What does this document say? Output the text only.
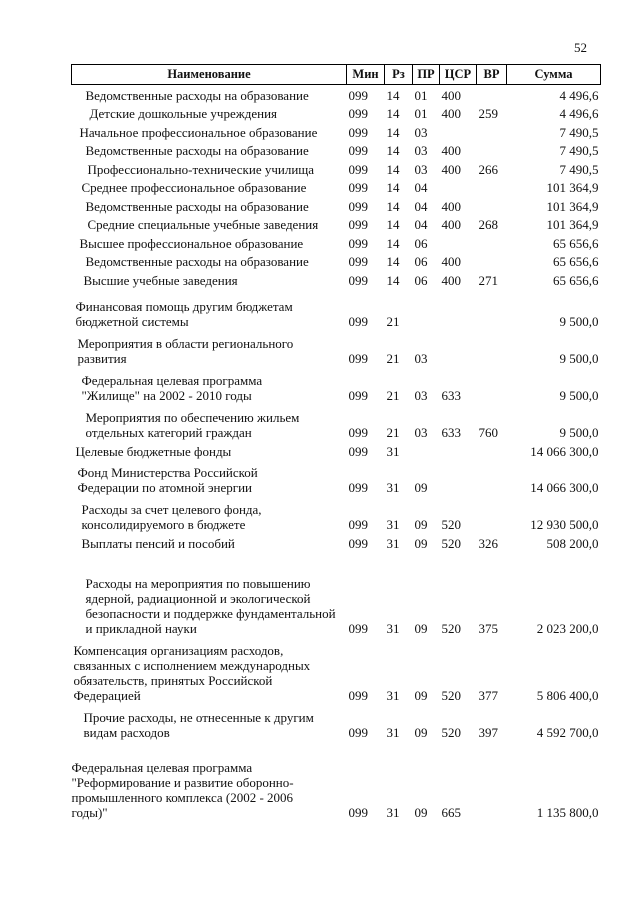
52
Наименование	Мин	Рз	ПР	ЦСР	ВР	Сумма
Ведомственные расходы на образование	099	14	01	400		4 496,6
Детские дошкольные учреждения	099	14	01	400	259	4 496,6
Начальное профессиональное образование	099	14	03			7 490,5
Ведомственные расходы на образование	099	14	03	400		7 490,5
Профессионально-технические училища	099	14	03	400	266	7 490,5
Среднее профессиональное образование	099	14	04			101 364,9
Ведомственные расходы на образование	099	14	04	400		101 364,9
Средние специальные учебные заведения	099	14	04	400	268	101 364,9
Высшее профессиональное образование	099	14	06			65 656,6
Ведомственные расходы на образование	099	14	06	400		65 656,6
Высшие учебные заведения	099	14	06	400	271	65 656,6
Финансовая помощь другим бюджетам
бюджетной системы	099	21				9 500,0
Мероприятия в области регионального
развития	099	21	03			9 500,0
Федеральная целевая программа
"Жилище" на 2002 - 2010 годы	099	21	03	633		9 500,0
Мероприятия по обеспечению жильем
отдельных категорий граждан	099	21	03	633	760	9 500,0
Целевые бюджетные фонды	099	31				14 066 300,0
Фонд Министерства Российской
Федерации по атомной энергии	099	31	09			14 066 300,0
Расходы за счет целевого фонда,
консолидируемого в бюджете	099	31	09	520		12 930 500,0
Выплаты пенсий и пособий	099	31	09	520	326	508 200,0
Расходы на мероприятия по повышению
ядерной, радиационной и экологической
безопасности и поддержке фундаментальной
и прикладной науки	099	31	09	520	375	2 023 200,0
Компенсация организациям расходов,
связанных с исполнением международных
обязательств, принятых Российской
Федерацией	099	31	09	520	377	5 806 400,0
Прочие расходы, не отнесенные к другим
видам расходов	099	31	09	520	397	4 592 700,0
Федеральная целевая программа
"Реформирование и развитие оборонно-
промышленного комплекса (2002 - 2006
годы)"	099	31	09	665		1 135 800,0
